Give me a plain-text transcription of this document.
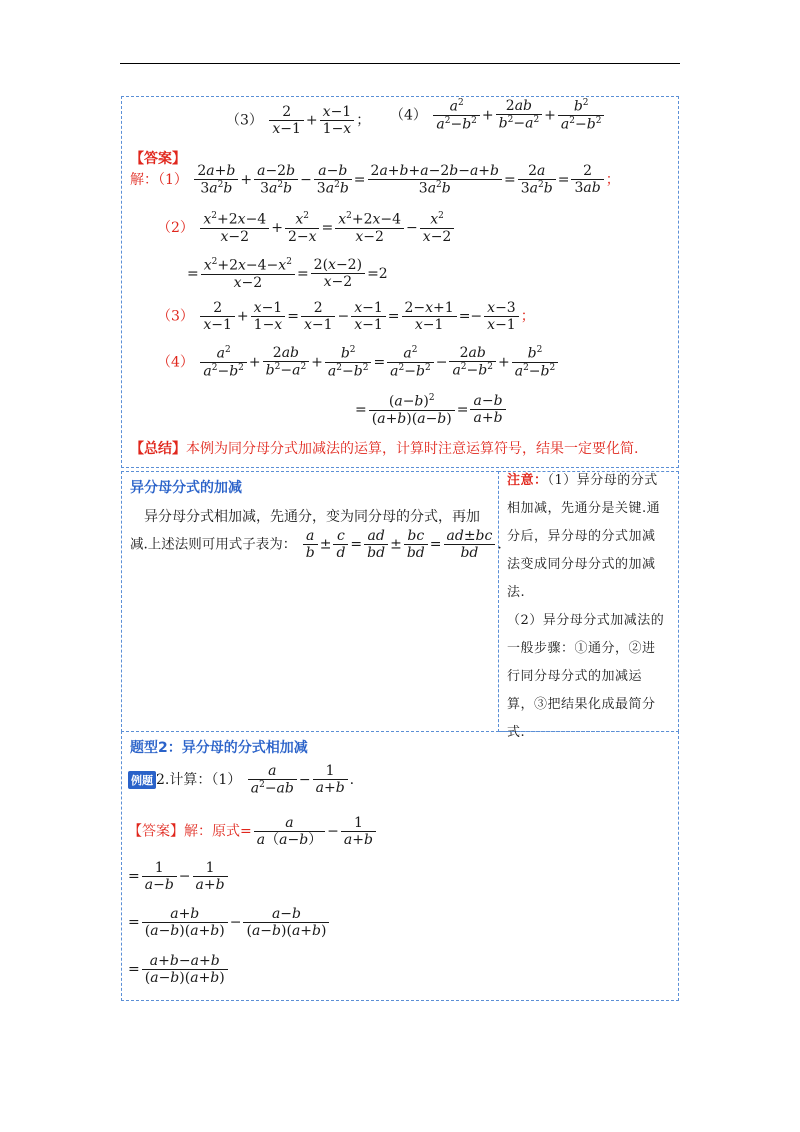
$(3) \frac{2}{x-1} + \frac{x-1}{1-x}$ ； $(4) \frac{a^2}{a^2-b^2} + \frac{2ab}{b^2-a^2} + \frac{b^2}{a^2-b^2}$
【答案】
解：$(1) \frac{2a+b}{3a^2b} + \frac{a-2b}{3a^2b} - \frac{a-b}{3a^2b} = \frac{2a+b+a-2b-a+b}{3a^2b} = \frac{2a}{3a^2b} = \frac{2}{3ab}$ ；
$(2) \frac{x^2+2x-4}{x-2} + \frac{x^2}{2-x} = \frac{x^2+2x-4}{x-2} - \frac{x^2}{x-2}$
= $\frac{x^2+2x-4-x^2}{x-2} = \frac{2(x-2)}{x-2} =2$
$(3) \frac{2}{x-1} + \frac{x-1}{1-x} = \frac{2}{x-1} - \frac{x-1}{x-1} = \frac{2-x+1}{x-1} =- \frac{x-3}{x-1}$ ；
$(4) \frac{a^2}{a^2-b^2} + \frac{2ab}{b^2-a^2} + \frac{b^2}{a^2-b^2} = \frac{a^2}{a^2-b^2} - \frac{2ab}{a^2-b^2} + \frac{b^2}{a^2-b^2}$
= $\frac{(a-b)^2}{(a+b)(a-b)} = \frac{a-b}{a+b}$
【总结】本例为同分母分式加减法的运算，计算时注意运算符号，结果一定要化简.
异分母分式的加减
异分母分式相加减，先通分，变为同分母的分式，再加
减.上述法则可用式子表为： $\frac{a}{b} \pm \frac{c}{d} = \frac{ad}{bd} \pm \frac{bc}{bd} = \frac{ad\pm bc}{bd}$ .
注意：（1）异分母的分式
相加减，先通分是关键.通
分后，异分母的分式加减
法变成同分母分式的加减
法.
（2）异分母分式加减法的
一般步骤：①通分，②进
行同分母分式的加减运
算，③把结果化成最简分
式.
题型2：异分母的分式相加减
例题 2.计算：$(1) \frac{a}{a^2-ab} - \frac{1}{a+b}$ .
【答案】解：原式= $\frac{a}{a(a-b)} - \frac{1}{a+b}$
= $\frac{1}{a-b} - \frac{1}{a+b}$
= $\frac{a+b}{(a-b)(a+b)} - \frac{a-b}{(a-b)(a+b)}$
= $\frac{a+b-a+b}{(a-b)(a+b)}$
